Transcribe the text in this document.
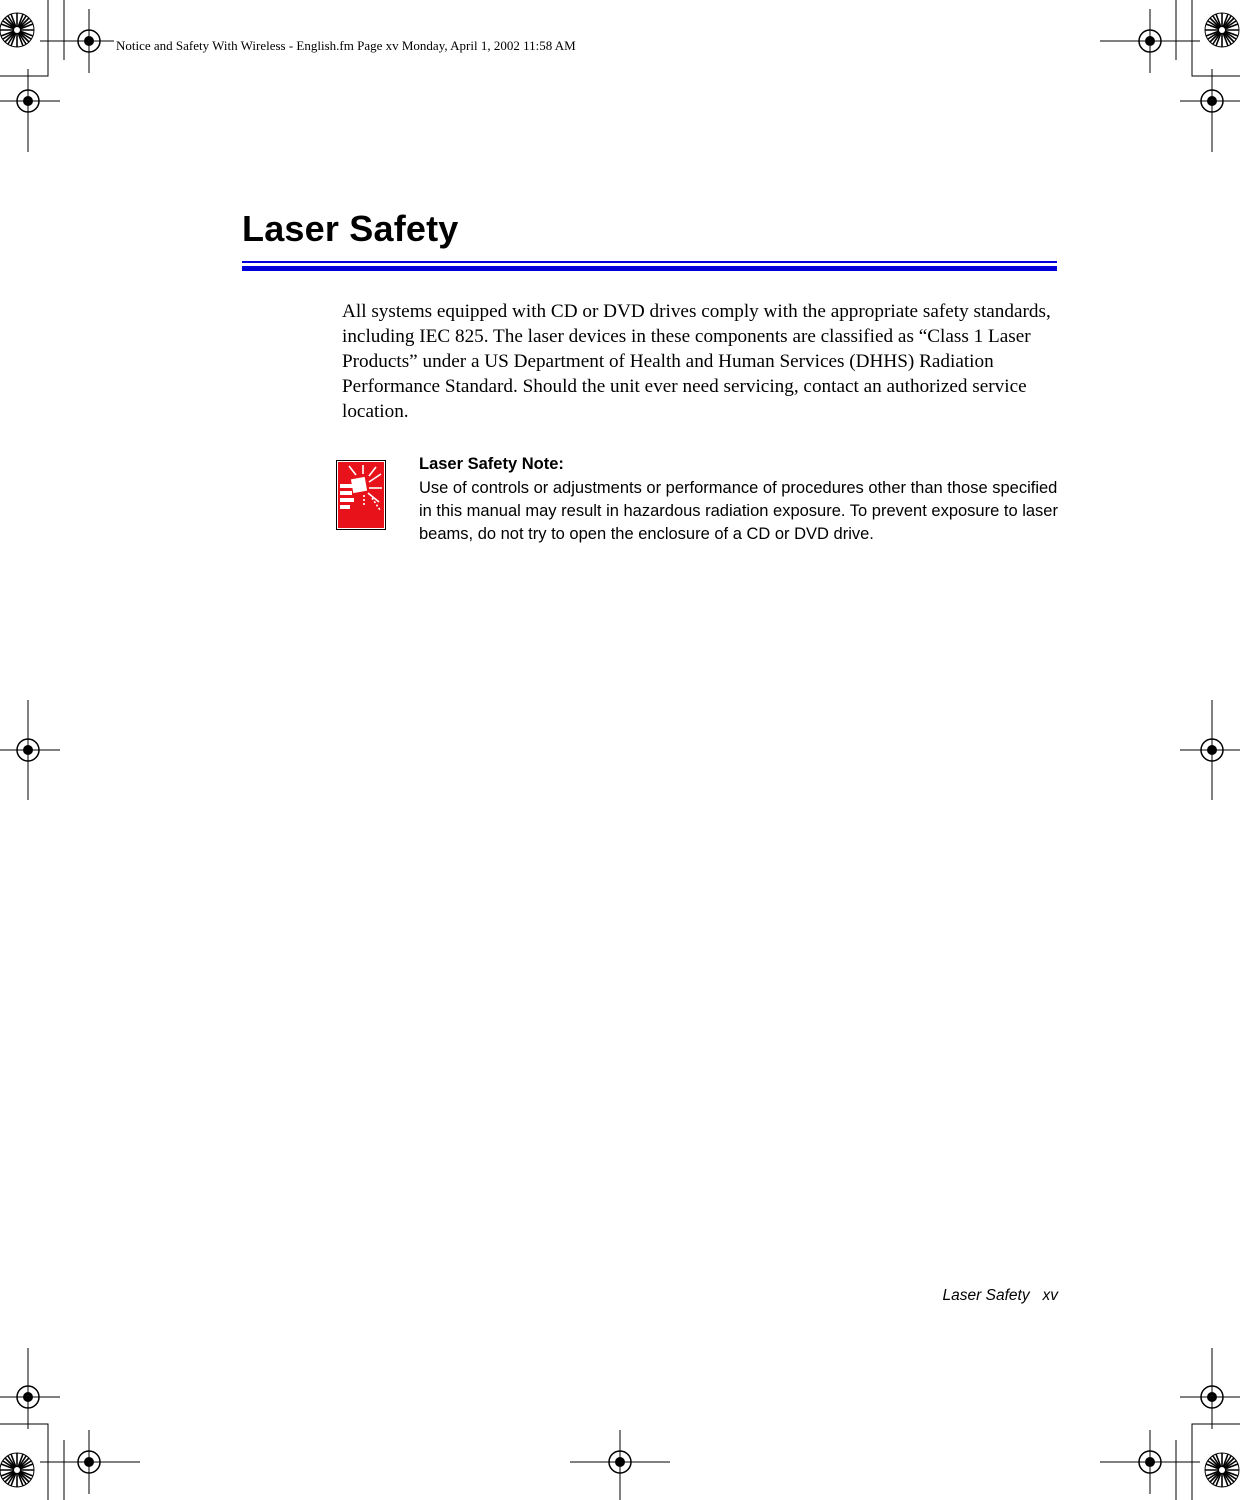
Notice and Safety With Wireless - English.fm Page xv Monday, April 1, 2002 11:58 AM
Laser Safety

All systems equipped with CD or DVD drives comply with the appropriate safety standards, including IEC 825. The laser devices in these components are classified as “Class 1 Laser Products” under a US Department of Health and Human Services (DHHS) Radiation Performance Standard. Should the unit ever need servicing, contact an authorized service location.

Laser Safety Note:

Use of controls or adjustments or performance of procedures other than those specified in this manual may result in hazardous radiation exposure. To prevent exposure to laser beams, do not try to open the enclosure of a CD or DVD drive.

Laser Safety xv
